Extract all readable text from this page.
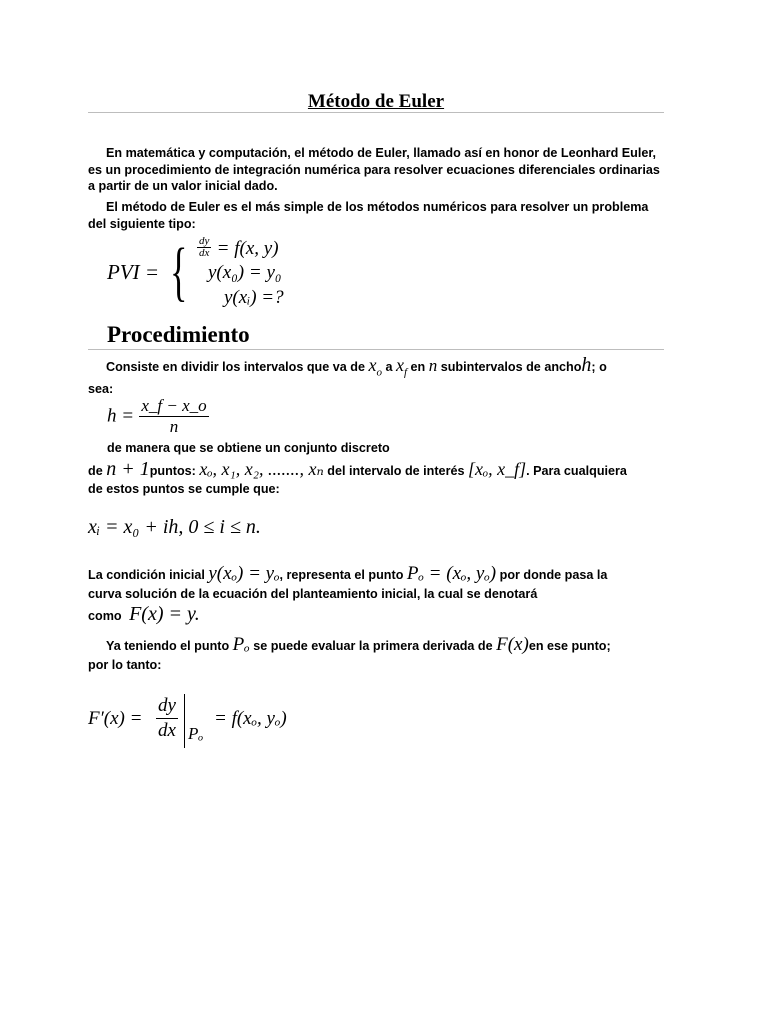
Método de Euler
En matemática y computación, el método de Euler, llamado así en honor de Leonhard Euler, es un procedimiento de integración numérica para resolver ecuaciones diferenciales ordinarias a partir de un valor inicial dado.
El método de Euler es el más simple de los métodos numéricos para resolver un problema del siguiente tipo:
PVI = { $\frac{dy}{dx} = f(x$, y)
y(x₀) = y₀
y(xᵢ) =?
Procedimiento
Consiste en dividir los intervalos que va de $x_o$ a $x_f$ en n subintervalos de anchoh; o
sea:
$h = \frac{x\_f - x\_o}{n}$
de manera que se obtiene un conjunto discreto
de n + 1puntos: xₒ, x₁, x₂, ......., xₙ del intervalo de interés [xₒ, x_f]. Para cualquiera
de estos puntos se cumple que:
xᵢ = x₀ + ih, 0 ≤ i ≤ n.
La condición inicial y(xₒ) = yₒ, representa el punto Pₒ = (xₒ, yₒ) por donde pasa la
curva solución de la ecuación del planteamiento inicial, la cual se denotará
como F(x) = y.
Ya teniendo el punto Pₒ se puede evaluar la primera derivada de F(x)en ese punto;
por lo tanto:
$F'(x) = \frac{dy}{dx}$ Pₒ
= f(xₒ, yₒ)
